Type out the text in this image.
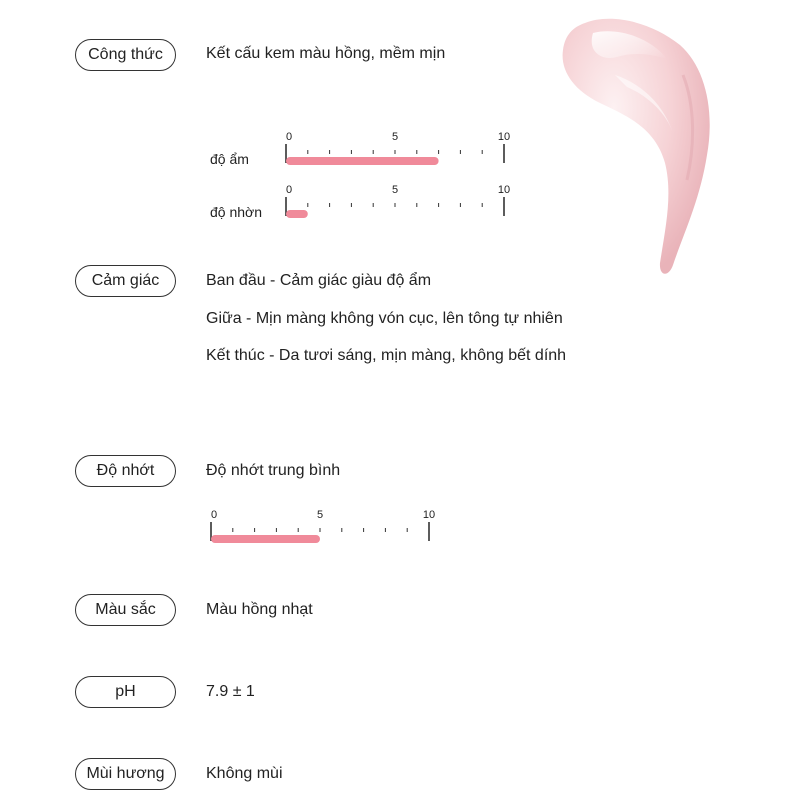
Công thức	Kết cấu kem màu hồng, mềm mịn
độ ẩm
0	5	10
độ nhờn
0	5	10
Cảm giác	Ban đầu - Cảm giác giàu độ ẩm
Giữa - Mịn màng không vón cục, lên tông tự nhiên
Kết thúc - Da tươi sáng, mịn màng, không bết dính
Độ nhớt	Độ nhớt trung bình
0	5	10
Màu sắc	Màu hồng nhạt
pH	7.9 ± 1
Mùi hương	Không mùi
